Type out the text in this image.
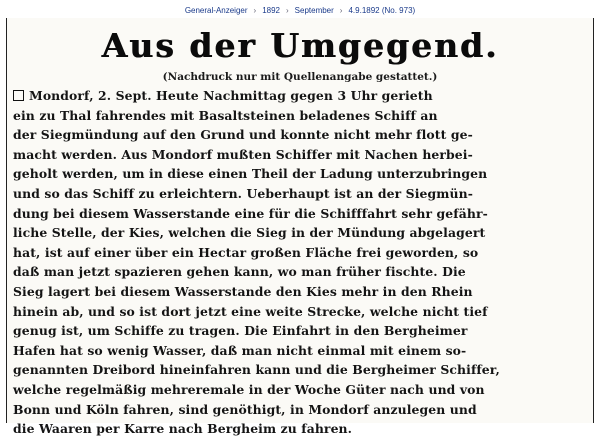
General-Anzeiger › 1892 › September › 4.9.1892 (No. 973)
Aus der Umgegend.
(Nachdruck nur mit Quellenangabe gestattet.)
Mondorf, 2. Sept. Heute Nachmittag gegen 3 Uhr gerieth
ein zu Thal fahrendes mit Basaltsteinen beladenes Schiff an
der Siegmündung auf den Grund und konnte nicht mehr flott ge-
macht werden. Aus Mondorf mußten Schiffer mit Nachen herbei-
geholt werden, um in diese einen Theil der Ladung unterzubringen
und so das Schiff zu erleichtern. Ueberhaupt ist an der Siegmün-
dung bei diesem Wasserstande eine für die Schifffahrt sehr gefähr-
liche Stelle, der Kies, welchen die Sieg in der Mündung abgelagert
hat, ist auf einer über ein Hectar großen Fläche frei geworden, so
daß man jetzt spazieren gehen kann, wo man früher fischte. Die
Sieg lagert bei diesem Wasserstande den Kies mehr in den Rhein
hinein ab, und so ist dort jetzt eine weite Strecke, welche nicht tief
genug ist, um Schiffe zu tragen. Die Einfahrt in den Bergheimer
Hafen hat so wenig Wasser, daß man nicht einmal mit einem so-
genannten Dreibord hineinfahren kann und die Bergheimer Schiffer,
welche regelmäßig mehreremale in der Woche Güter nach und von
Bonn und Köln fahren, sind genöthigt, in Mondorf anzulegen und
die Waaren per Karre nach Bergheim zu fahren.
